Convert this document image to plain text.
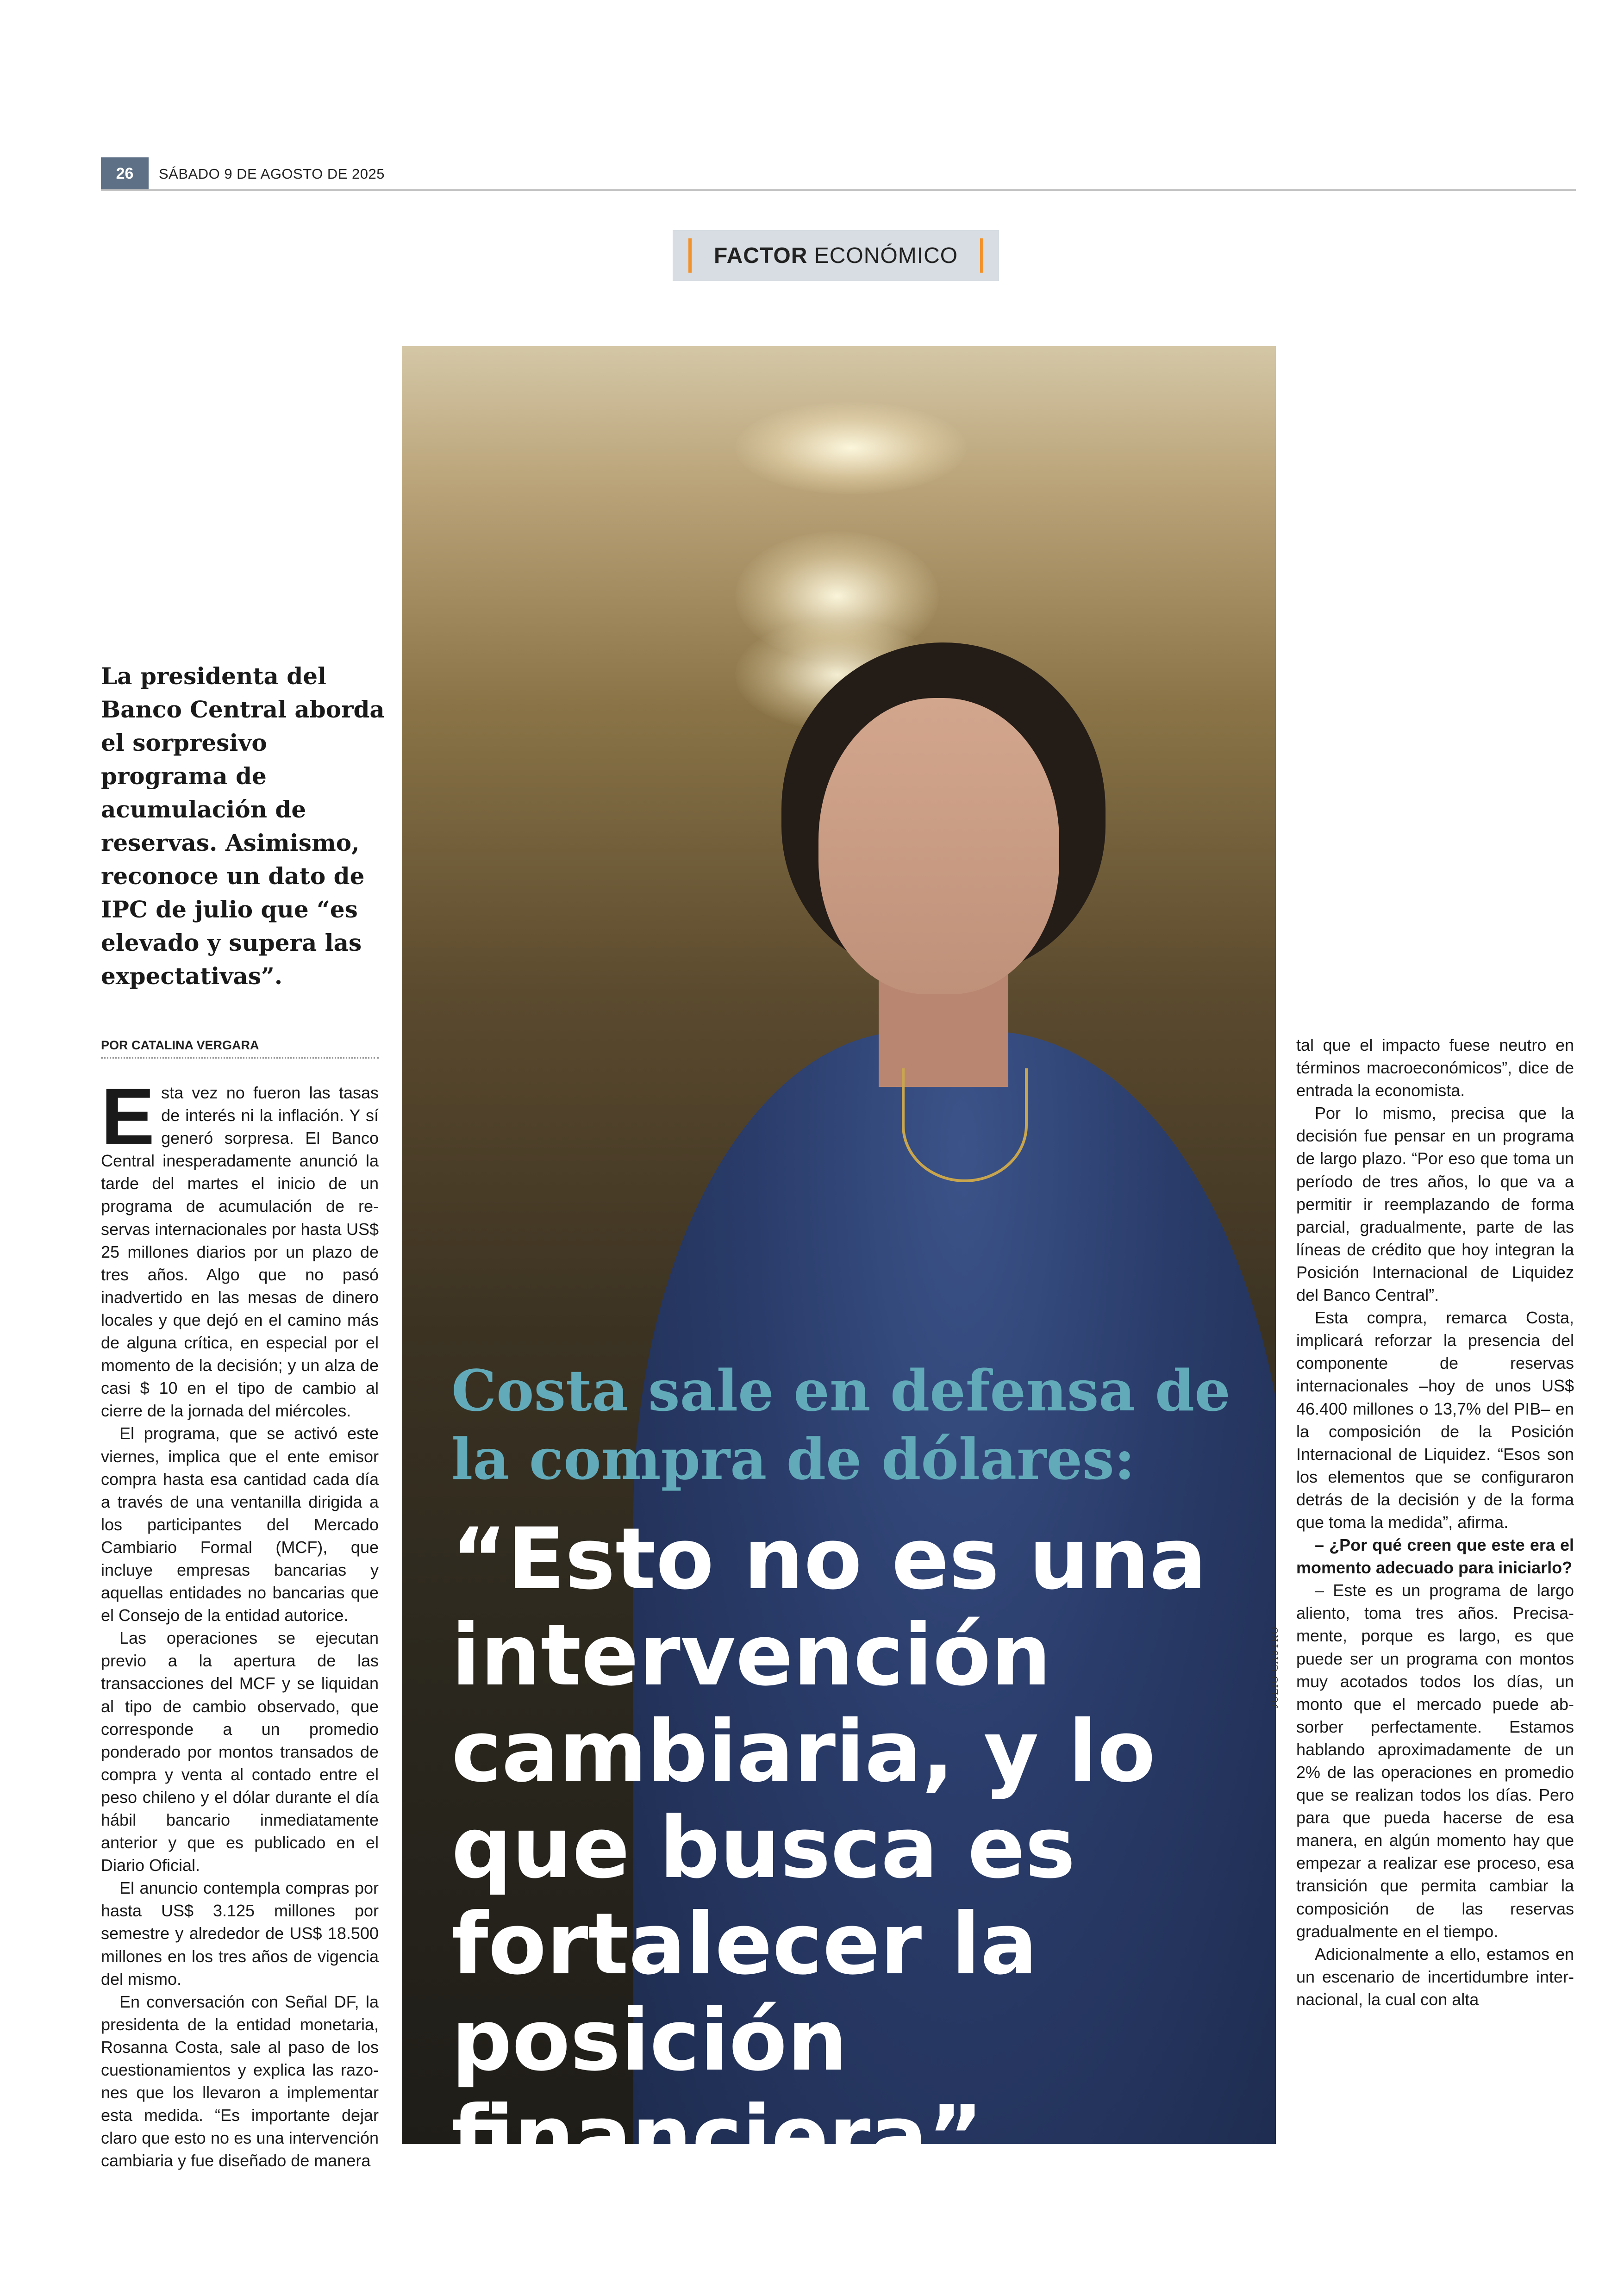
26	SÁBADO 9 DE AGOSTO DE 2025
FACTOR ECONÓMICO
JULIO CASTRO
Costa sale en defensa de la compra de dólares:
“Esto no es una intervención cambiaria, y lo que busca es fortalecer la posición financiera”

La presidenta del Banco Central aborda el sorpresivo programa de acumulación de reservas. Asimismo, reconoce un dato de IPC de julio que “es elevado y supera las expectativas”.

POR CATALINA VERGARA

Esta vez no fueron las tasas de interés ni la inflación. Y sí generó sorpresa. El Banco Central inesperadamente anunció la tarde del martes el inicio de un programa de acumulación de reservas internacionales por hasta US$ 25 millones diarios por un plazo de tres años. Algo que no pasó inadvertido en las mesas de dinero locales y que dejó en el camino más de alguna crítica, en especial por el momento de la decisión; y un alza de casi $ 10 en el tipo de cambio al cierre de la jornada del miércoles.

El programa, que se activó este viernes, implica que el ente emisor compra hasta esa cantidad cada día a través de una ventanilla dirigida a los participantes del Mercado Cambiario Formal (MCF), que incluye empresas bancarias y aquellas entidades no bancarias que el Consejo de la entidad autorice.

Las operaciones se ejecutan previo a la apertura de las transacciones del MCF y se liquidan al tipo de cambio observado, que corresponde a un promedio ponderado por montos transados de compra y venta al contado entre el peso chileno y el dólar durante el día hábil bancario inmediatamente anterior y que es publicado en el Diario Oficial.

El anuncio contempla compras por hasta US$ 3.125 millones por semestre y alrededor de US$ 18.500 millones en los tres años de vigencia del mismo.

En conversación con Señal DF, la presidenta de la entidad monetaria, Rosanna Costa, sale al paso de los cuestionamientos y explica las razones que los llevaron a implementar esta medida. “Es importante dejar claro que esto no es una intervención cambiaria y fue diseñado de manera

tal que el impacto fuese neutro en términos macroeconómicos”, dice de entrada la economista.

Por lo mismo, precisa que la decisión fue pensar en un programa de largo plazo. “Por eso que toma un período de tres años, lo que va a permitir ir reemplazando de forma parcial, gradualmente, parte de las líneas de crédito que hoy integran la Posición Internacional de Liquidez del Banco Central”.

Esta compra, remarca Costa, implicará reforzar la presencia del componente de reservas internacionales –hoy de unos US$ 46.400 millones o 13,7% del PIB– en la composición de la Posición Internacional de Liquidez. “Esos son los elementos que se configuraron detrás de la decisión y de la forma que toma la medida”, afirma.

– ¿Por qué creen que este era el momento adecuado para iniciarlo?

– Este es un programa de largo aliento, toma tres años. Precisamente, porque es largo, es que puede ser un programa con montos muy acotados todos los días, un monto que el mercado puede absorber perfectamente. Estamos hablando aproximadamente de un 2% de las operaciones en promedio que se realizan todos los días. Pero para que pueda hacerse de esa manera, en algún momento hay que empezar a realizar ese proceso, esa transición que permita cambiar la composición de las reservas gradualmente en el tiempo.

Adicionalmente a ello, estamos en un escenario de incertidumbre internacional, la cual con alta
